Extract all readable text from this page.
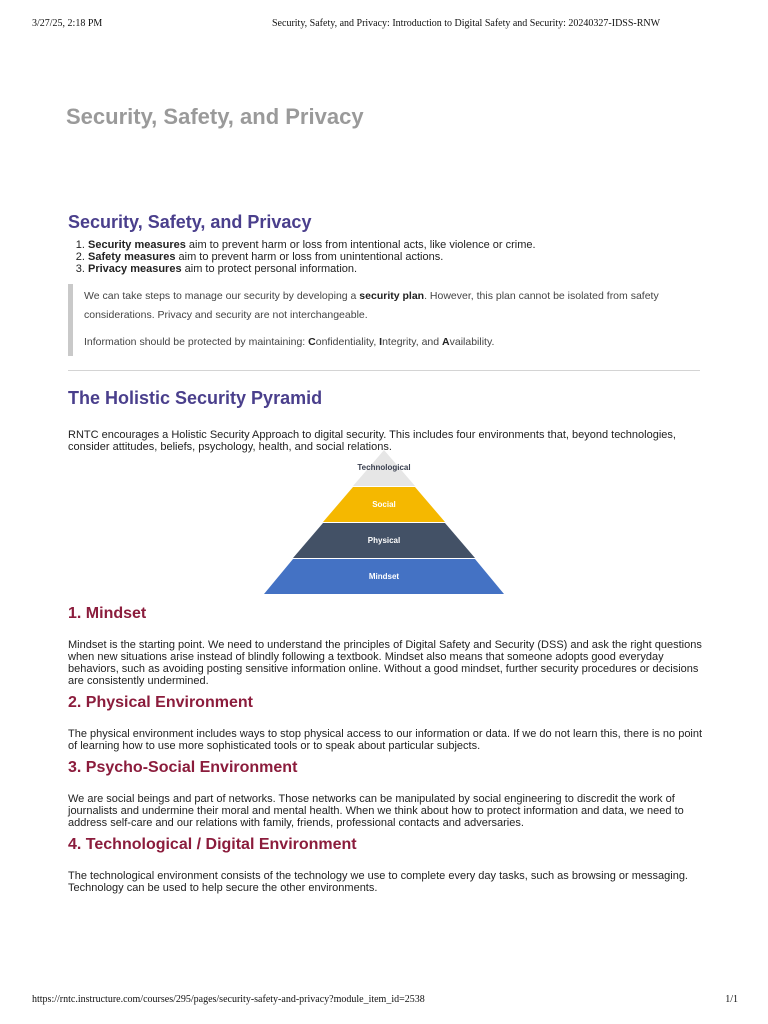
3/27/25, 2:18 PM	Security, Safety, and Privacy: Introduction to Digital Safety and Security: 20240327-IDSS-RNW
Security, Safety, and Privacy
Security, Safety, and Privacy
1. Security measures aim to prevent harm or loss from intentional acts, like violence or crime.
2. Safety measures aim to prevent harm or loss from unintentional actions.
3. Privacy measures aim to protect personal information.

We can take steps to manage our security by developing a security plan. However, this plan cannot be isolated from safety considerations. Privacy and security are not interchangeable.

Information should be protected by maintaining: Confidentiality, Integrity, and Availability.

The Holistic Security Pyramid

RNTC encourages a Holistic Security Approach to digital security. This includes four environments that, beyond technologies, consider attitudes, beliefs, psychology, health, and social relations.

Technological
Social
Physical
Mindset
1. Mindset

Mindset is the starting point. We need to understand the principles of Digital Safety and Security (DSS) and ask the right questions when new situations arise instead of blindly following a textbook. Mindset also means that someone adopts good everyday behaviors, such as avoiding posting sensitive information online. Without a good mindset, further security procedures or decisions are consistently undermined.

2. Physical Environment

The physical environment includes ways to stop physical access to our information or data. If we do not learn this, there is no point of learning how to use more sophisticated tools or to speak about particular subjects.

3. Psycho-Social Environment

We are social beings and part of networks. Those networks can be manipulated by social engineering to discredit the work of journalists and undermine their moral and mental health. When we think about how to protect information and data, we need to address self-care and our relations with family, friends, professional contacts and adversaries.

4. Technological / Digital Environment

The technological environment consists of the technology we use to complete every day tasks, such as browsing or messaging. Technology can be used to help secure the other environments.

https://rntc.instructure.com/courses/295/pages/security-safety-and-privacy?module_item_id=2538	1/1
